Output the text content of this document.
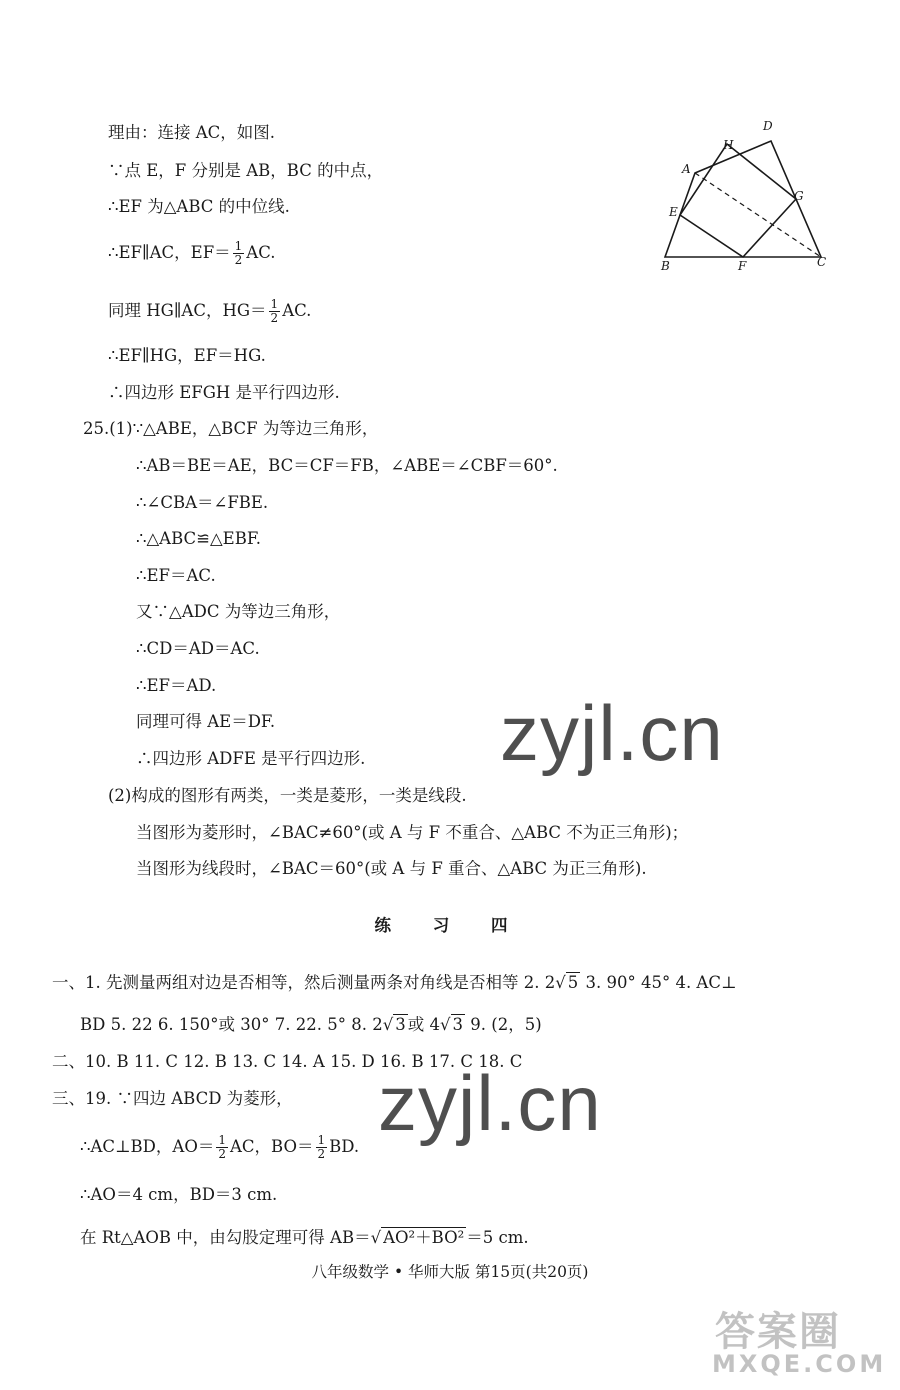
A
B	C
D
E
F
G
H
理由：连接 AC，如图.
∵点 E，F 分别是 AB，BC 的中点，
∴EF 为△ABC 的中位线.
∴EF∥AC，$EF= \frac{1}{2}$ AC.
同理 HG∥AC，$HG= \frac{1}{2}$ AC.
∴EF∥HG，EF＝HG.
∴四边形 EFGH 是平行四边形.
25.(1)∵△ABE，△BCF 为等边三角形，
∴AB＝BE＝AE，BC＝CF＝FB，∠ABE＝∠CBF＝60°.
∴∠CBA＝∠FBE.
∴△ABC≌△EBF.
∴EF＝AC.
又∵△ADC 为等边三角形，
∴CD＝AD＝AC.
∴EF＝AD.
同理可得 AE＝DF.
∴四边形 ADFE 是平行四边形.
(2)构成的图形有两类，一类是菱形，一类是线段.
当图形为菱形时，∠BAC≠60°(或 A 与 F 不重合、△ABC 不为正三角形)；
当图形为线段时，∠BAC＝60°(或 A 与 F 重合、△ABC 为正三角形).
练 习 四
一、1. 先测量两组对边是否相等，然后测量两条对角线是否相等 2. 2√ 5 3. 90° 45° 4. AC⊥
BD 5. 22 6. 150°或 30° 7. 22. 5° 8. 2√ 3 或 4√ 3 9. (2，5)
二、10. B 11. C 12. B 13. C 14. A 15. D 16. B 17. C 18. C
三、19. ∵四边 ABCD 为菱形，
∴AC⊥BD，$AO= \frac{1}{2}$ AC，$BO= \frac{1}{2}$ BD.
∴AO＝4 cm，BD＝3 cm.
在 Rt△AOB 中，由勾股定理可得 AB＝√ AO²＋BO² ＝5 cm.
八年级数学 • 华师大版 第15页(共20页)
zyjl.cn
zyjl.cn
答案圈
MXQE.COM
